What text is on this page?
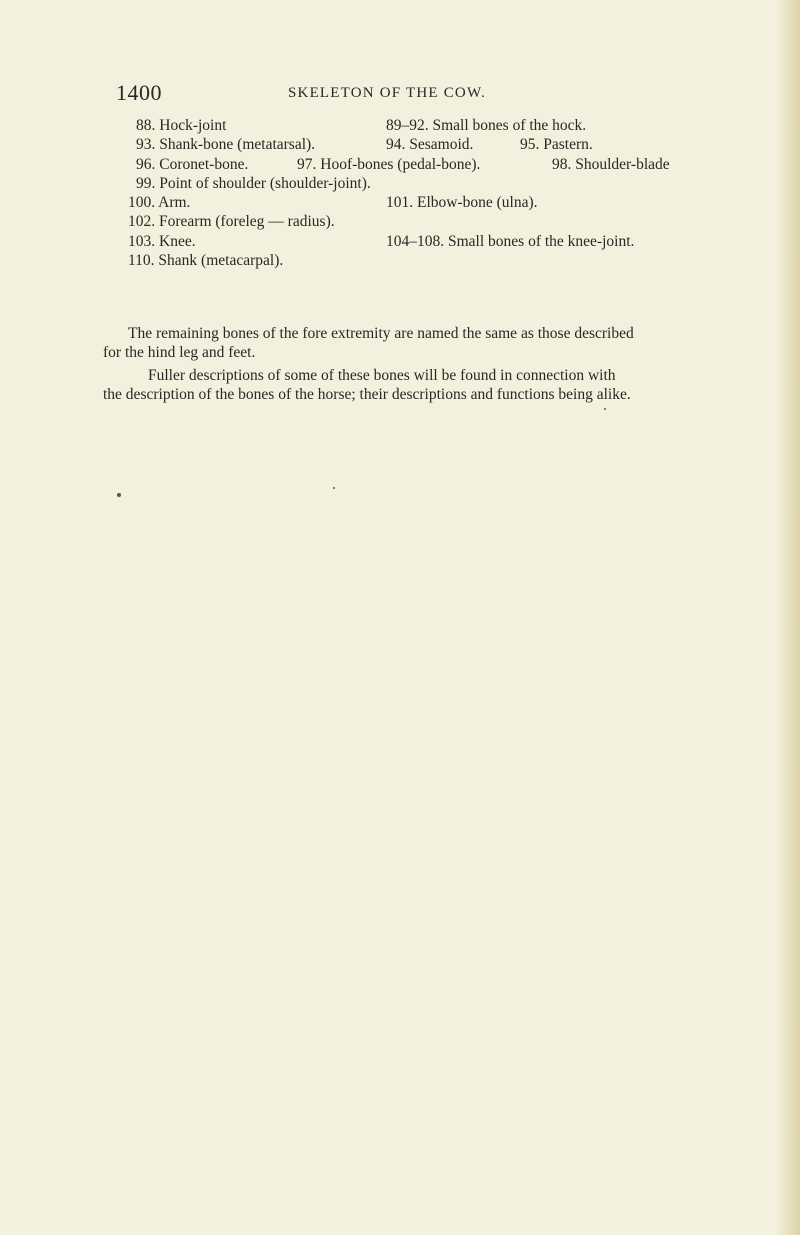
1400	SKELETON OF THE COW.
88. Hock-joint	89–92. Small bones of the hock.
93. Shank-bone (metatarsal).	94. Sesamoid.	95. Pastern.
96. Coronet-bone.	97. Hoof-bones (pedal-bone).	98. Shoulder-blade
99. Point of shoulder (shoulder-joint).
100. Arm.	101. Elbow-bone (ulna).
102. Forearm (foreleg — radius).
103. Knee.	104–108. Small bones of the knee-joint.
110. Shank (metacarpal).
The remaining bones of the fore extremity are named the same as those described
for the hind leg and feet.
Fuller descriptions of some of these bones will be found in connection with
the description of the bones of the horse; their descriptions and functions being alike.
